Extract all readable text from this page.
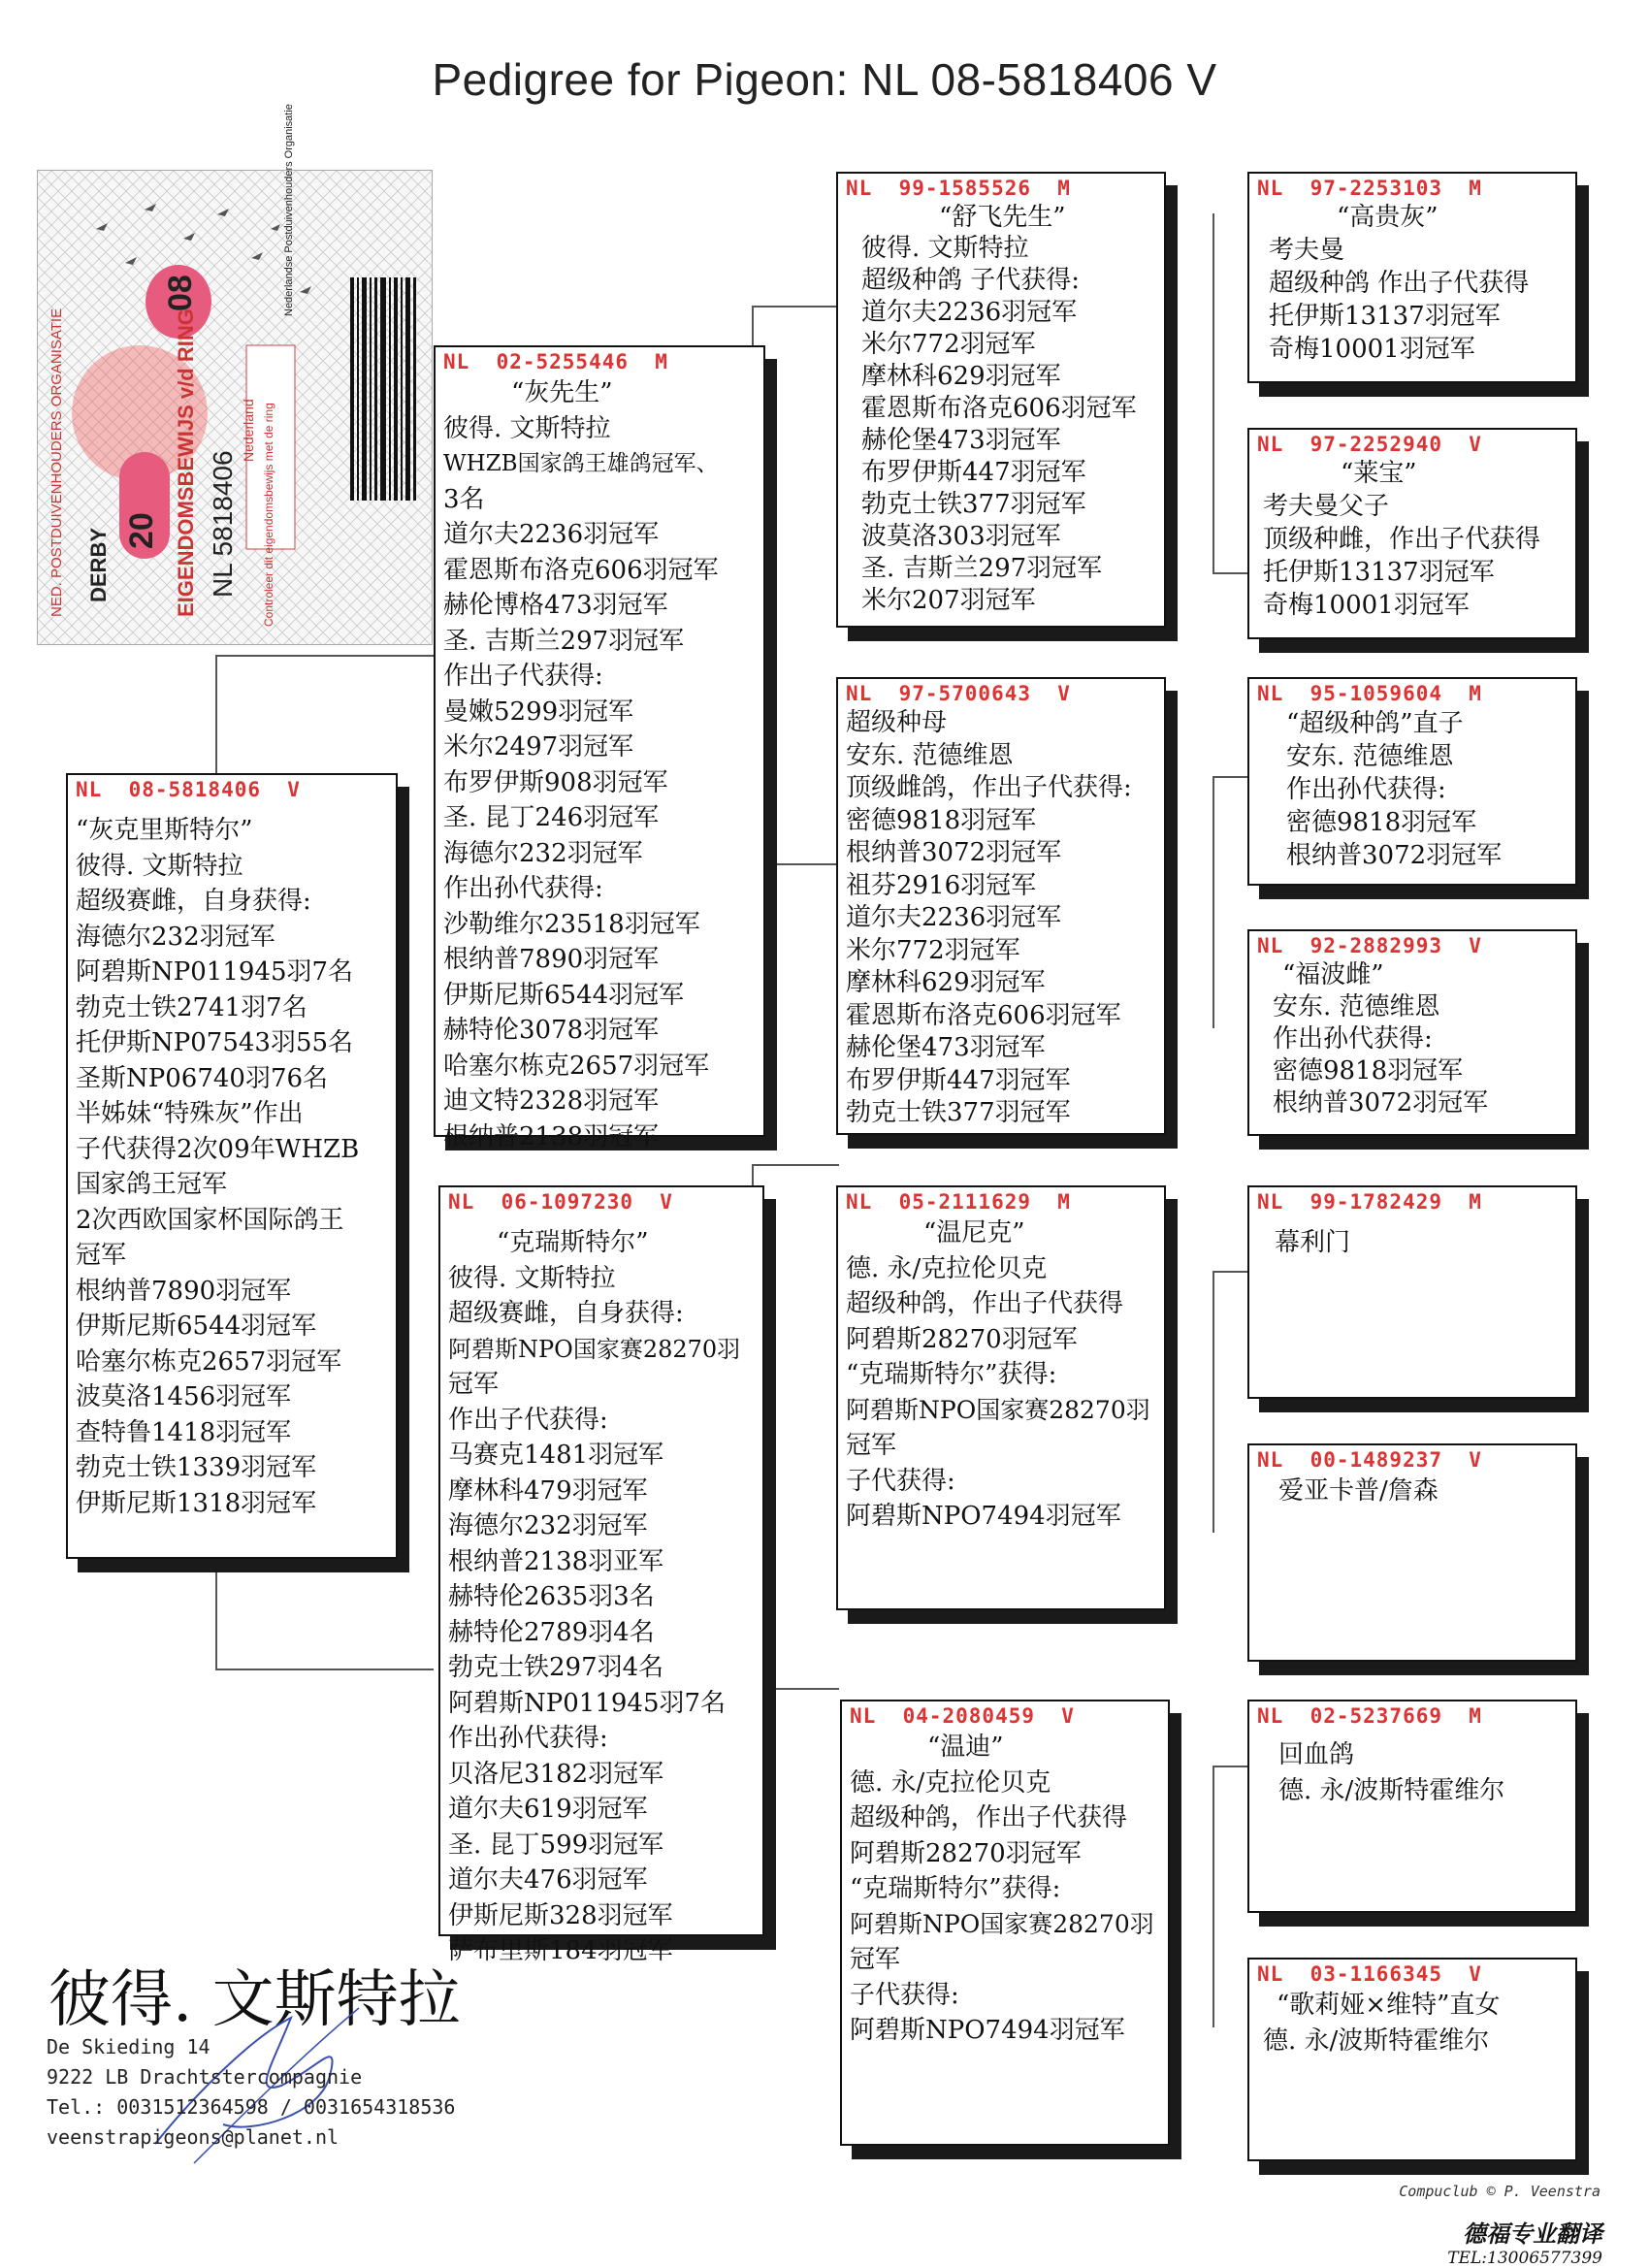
Pedigree for Pigeon: NL 08-5818406 V
NED. POSTDUIVENHOUDERS ORGANISATIE DERBY 20
08
EIGENDOMSBEWIJS v/d RING NL 5818406
Nederland Controleer dit eigendomsbewijs met de ring
Nederlandse Postduivenhouders Organisatie
NL  08-5818406  V
“灰克里斯特尔”
彼得. 文斯特拉
超级赛雌，自身获得:
海德尔232羽冠军
阿碧斯NP011945羽7名
勃克士铁2741羽7名
托伊斯NP07543羽55名
圣斯NP06740羽76名
半姊妹“特殊灰”作出
子代获得2次09年WHZB
国家鸽王冠军
2次西欧国家杯国际鸽王
冠军
根纳普7890羽冠军
伊斯尼斯6544羽冠军
哈塞尔栋克2657羽冠军
波莫洛1456羽冠军
查特鲁1418羽冠军
勃克士铁1339羽冠军
伊斯尼斯1318羽冠军
NL  02-5255446  M
“灰先生”
彼得. 文斯特拉
WHZB国家鸽王雄鸽冠军、
3名
道尔夫2236羽冠军
霍恩斯布洛克606羽冠军
赫伦博格473羽冠军
圣. 吉斯兰297羽冠军
作出子代获得:
曼嫩5299羽冠军
米尔2497羽冠军
布罗伊斯908羽冠军
圣. 昆丁246羽冠军
海德尔232羽冠军
作出孙代获得:
沙勒维尔23518羽冠军
根纳普7890羽冠军
伊斯尼斯6544羽冠军
赫特伦3078羽冠军
哈塞尔栋克2657羽冠军
迪文特2328羽冠军
根纳普2138羽冠军
NL  06-1097230  V
“克瑞斯特尔”
彼得. 文斯特拉
超级赛雌，自身获得:
阿碧斯NPO国家赛28270羽
冠军
作出子代获得:
马赛克1481羽冠军
摩林科479羽冠军
海德尔232羽冠军
根纳普2138羽亚军
赫特伦2635羽3名
赫特伦2789羽4名
勃克士铁297羽4名
阿碧斯NP011945羽7名
作出孙代获得:
贝洛尼3182羽冠军
道尔夫619羽冠军
圣. 昆丁599羽冠军
道尔夫476羽冠军
伊斯尼斯328羽冠军
萨布里斯184羽冠军
NL  99-1585526  M
“舒飞先生”
彼得. 文斯特拉
超级种鸽 子代获得:
道尔夫2236羽冠军
米尔772羽冠军
摩林科629羽冠军
霍恩斯布洛克606羽冠军
赫伦堡473羽冠军
布罗伊斯447羽冠军
勃克士铁377羽冠军
波莫洛303羽冠军
圣. 吉斯兰297羽冠军
米尔207羽冠军
NL  97-5700643  V
超级种母
安东. 范德维恩
顶级雌鸽，作出子代获得:
密德9818羽冠军
根纳普3072羽冠军
祖芬2916羽冠军
道尔夫2236羽冠军
米尔772羽冠军
摩林科629羽冠军
霍恩斯布洛克606羽冠军
赫伦堡473羽冠军
布罗伊斯447羽冠军
勃克士铁377羽冠军
NL  05-2111629  M
“温尼克”
德. 永/克拉伦贝克
超级种鸽，作出子代获得
阿碧斯28270羽冠军
“克瑞斯特尔”获得:
阿碧斯NPO国家赛28270羽
冠军
子代获得:
阿碧斯NPO7494羽冠军
NL  04-2080459  V
“温迪”
德. 永/克拉伦贝克
超级种鸽，作出子代获得
阿碧斯28270羽冠军
“克瑞斯特尔”获得:
阿碧斯NPO国家赛28270羽
冠军
子代获得:
阿碧斯NPO7494羽冠军
NL  97-2253103  M
“高贵灰”
考夫曼
超级种鸽 作出子代获得
托伊斯13137羽冠军
奇梅10001羽冠军
NL  97-2252940  V
“莱宝”
考夫曼父子
顶级种雌，作出子代获得
托伊斯13137羽冠军
奇梅10001羽冠军
NL  95-1059604  M
“超级种鸽”直子
安东. 范德维恩
作出孙代获得:
密德9818羽冠军
根纳普3072羽冠军
NL  92-2882993  V
“福波雌”
安东. 范德维恩
作出孙代获得:
密德9818羽冠军
根纳普3072羽冠军
NL  99-1782429  M
幕利门
NL  00-1489237  V
爱亚卡普/詹森
NL  02-5237669  M
回血鸽
德. 永/波斯特霍维尔
NL  03-1166345  V
“歌莉娅×维特”直女
德. 永/波斯特霍维尔
彼得. 文斯特拉
De Skieding 14
9222 LB Drachtstercompagnie
Tel.: 0031512364598 / 0031654318536
veenstrapigeons@planet.nl
Compuclub © P. Veenstra
德福专业翻译
TEL:13006577399
